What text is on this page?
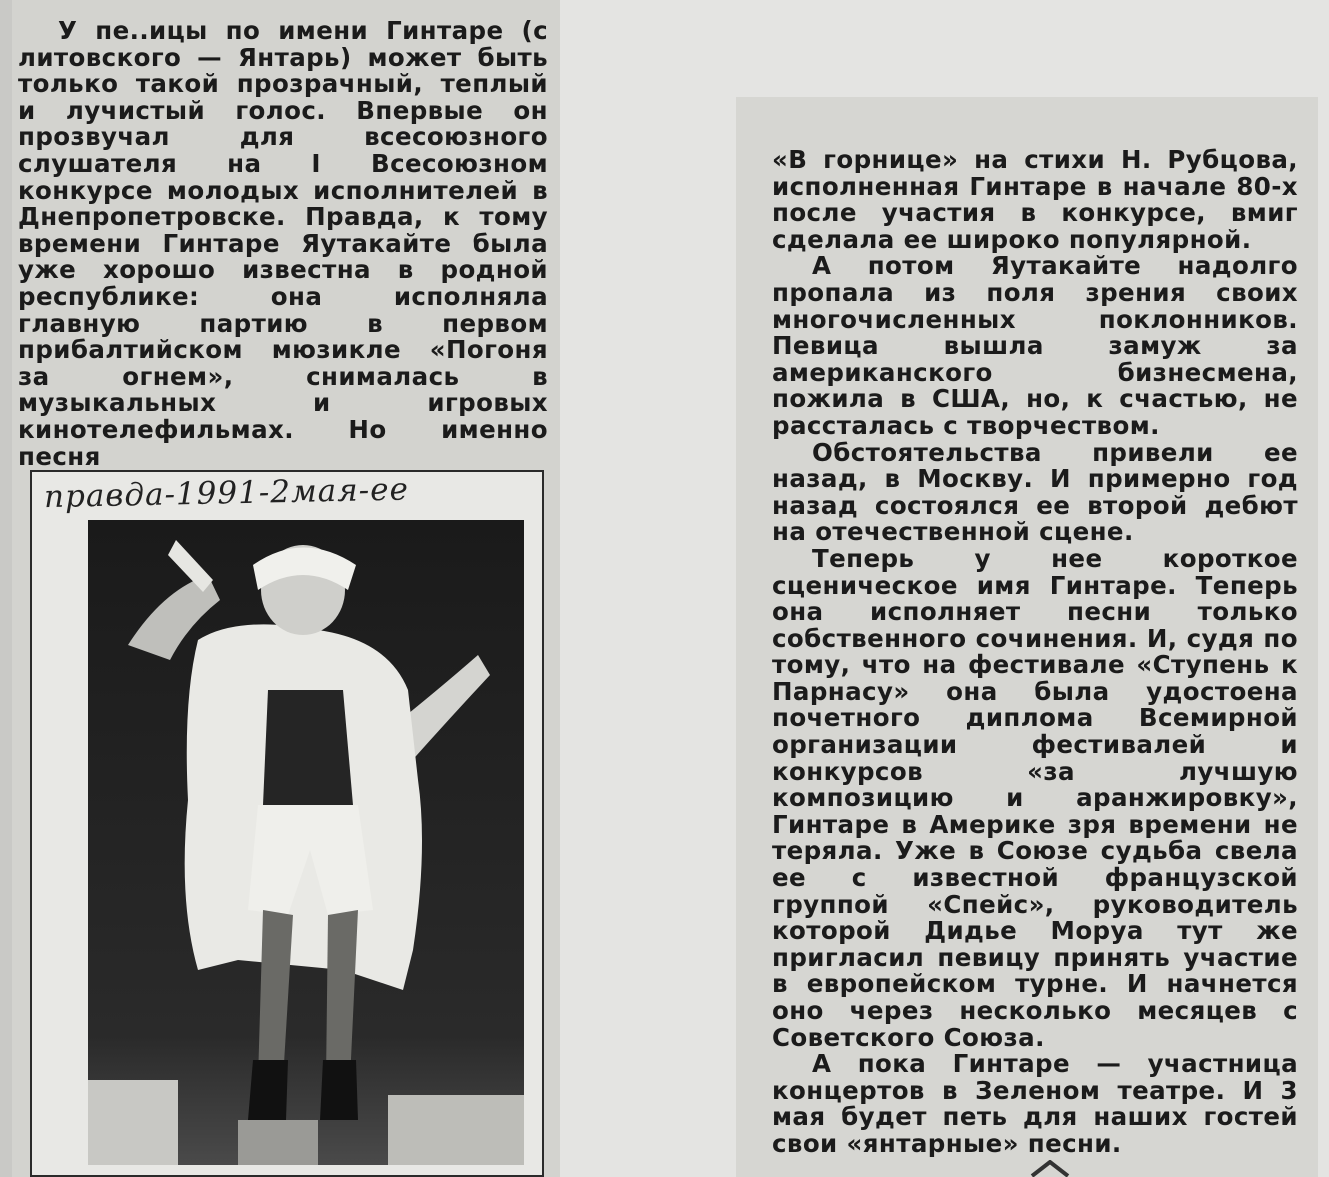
У пе..ицы по имени Гинтаре (с литовского — Янтарь) может быть только такой прозрачный, теплый и лучистый голос. Впервые он прозвучал для всесоюзного слушателя на I Всесоюзном конкурсе молодых исполнителей в Днепропетровске. Правда, к тому времени Гинтаре Яутакайте была уже хорошо известна в родной республике: она исполняла главную партию в первом прибалтийском мюзикле «Погоня за огнем», снималась в музыкальных и игровых кинотелефильмах. Но именно песня

правда-1991-2мая-ее

«В горнице» на стихи Н. Рубцова, исполненная Гинтаре в начале 80-х после участия в конкурсе, вмиг сделала ее широко популярной.

А потом Яутакайте надолго пропала из поля зрения своих многочисленных поклонников. Певица вышла замуж за американского бизнесмена, пожила в США, но, к счастью, не рассталась с творчеством.

Обстоятельства привели ее назад, в Москву. И примерно год назад состоялся ее второй дебют на отечественной сцене.

Теперь у нее короткое сценическое имя Гинтаре. Теперь она исполняет песни только собственного сочинения. И, судя по тому, что на фестивале «Ступень к Парнасу» она была удостоена почетного диплома Всемирной организации фестивалей и конкурсов «за лучшую композицию и аранжировку», Гинтаре в Америке зря времени не теряла. Уже в Союзе судьба свела ее с известной французской группой «Спейс», руководитель которой Дидье Моруа тут же пригласил певицу принять участие в европейском турне. И начнется оно через несколько месяцев с Советского Союза.

А пока Гинтаре — участница концертов в Зеленом театре. И 3 мая будет петь для наших гостей свои «янтарные» песни.
